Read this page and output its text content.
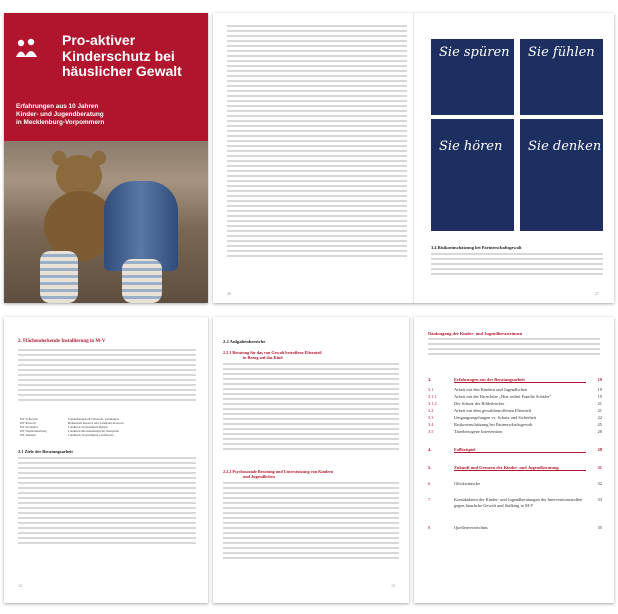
Pro-aktiver
Kinderschutz bei
häuslicher Gewalt
Erfahrungen aus 10 Jahren
Kinder- und Jugendberatung
in Mecklenburg-Vorpommern
Sie spüren Sie fühlen
Sie hören Sie denken
3.4 Risikoeinschätzung bei Partnerschaftsgewalt
26	27
2. Flächendeckende Installierung in M-V
IST Schwerin	Landeshauptstadt Schwerin, Landkreise
IST Rostock	Hansestadt Rostock und Landkreis Rostock
IST Stralsund	Landkreis Vorpommern-Rügen
IST Neubrandenburg	Landkreis Mecklenburgische Seenplatte
IST Anklam	Landkreis Vorpommern-Greifswald
2.1 Ziele der Beratungsarbeit
12
2.2 Aufgabenbereiche
2.2.1 Beratung für das von Gewalt betroffene Elternteil
in Bezug auf das Kind
2.2.2 Psychosoziale Beratung und Unterstützung von Kindern
und Jugendlichen
13
Danksagung der Kinder- und Jugendberaterinnen
3.	Erfahrungen aus der Beratungsarbeit	19
3.1	Arbeit mit den Kindern und Jugendlichen	19
3.1.1	Arbeit mit der Broschüre „Hier redest Familie Schäfer"	19
3.1.2	Der Schutz der Bilderbücher	21
3.2	Arbeit mit dem gewaltbetroffenen Elternteil	21
3.3	Umgangsregelungen vs. Schutz und Sicherheit	22
3.4	Risikoeinschätzung bei Partnerschaftsgewalt	25
3.5	Täterbezogene Intervention	26
4.	Fallbeispiel	28
5.	Zukunft und Grenzen der Kinder- und Jugendberatung	31
6.	Glückwünsche	32
7.	Kontaktdaten der Kinder- und Jugendberatungen der Interventionsstellen gegen häusliche Gewalt und Stalking in M-V
33
8.	Quellenverzeichnis	35
